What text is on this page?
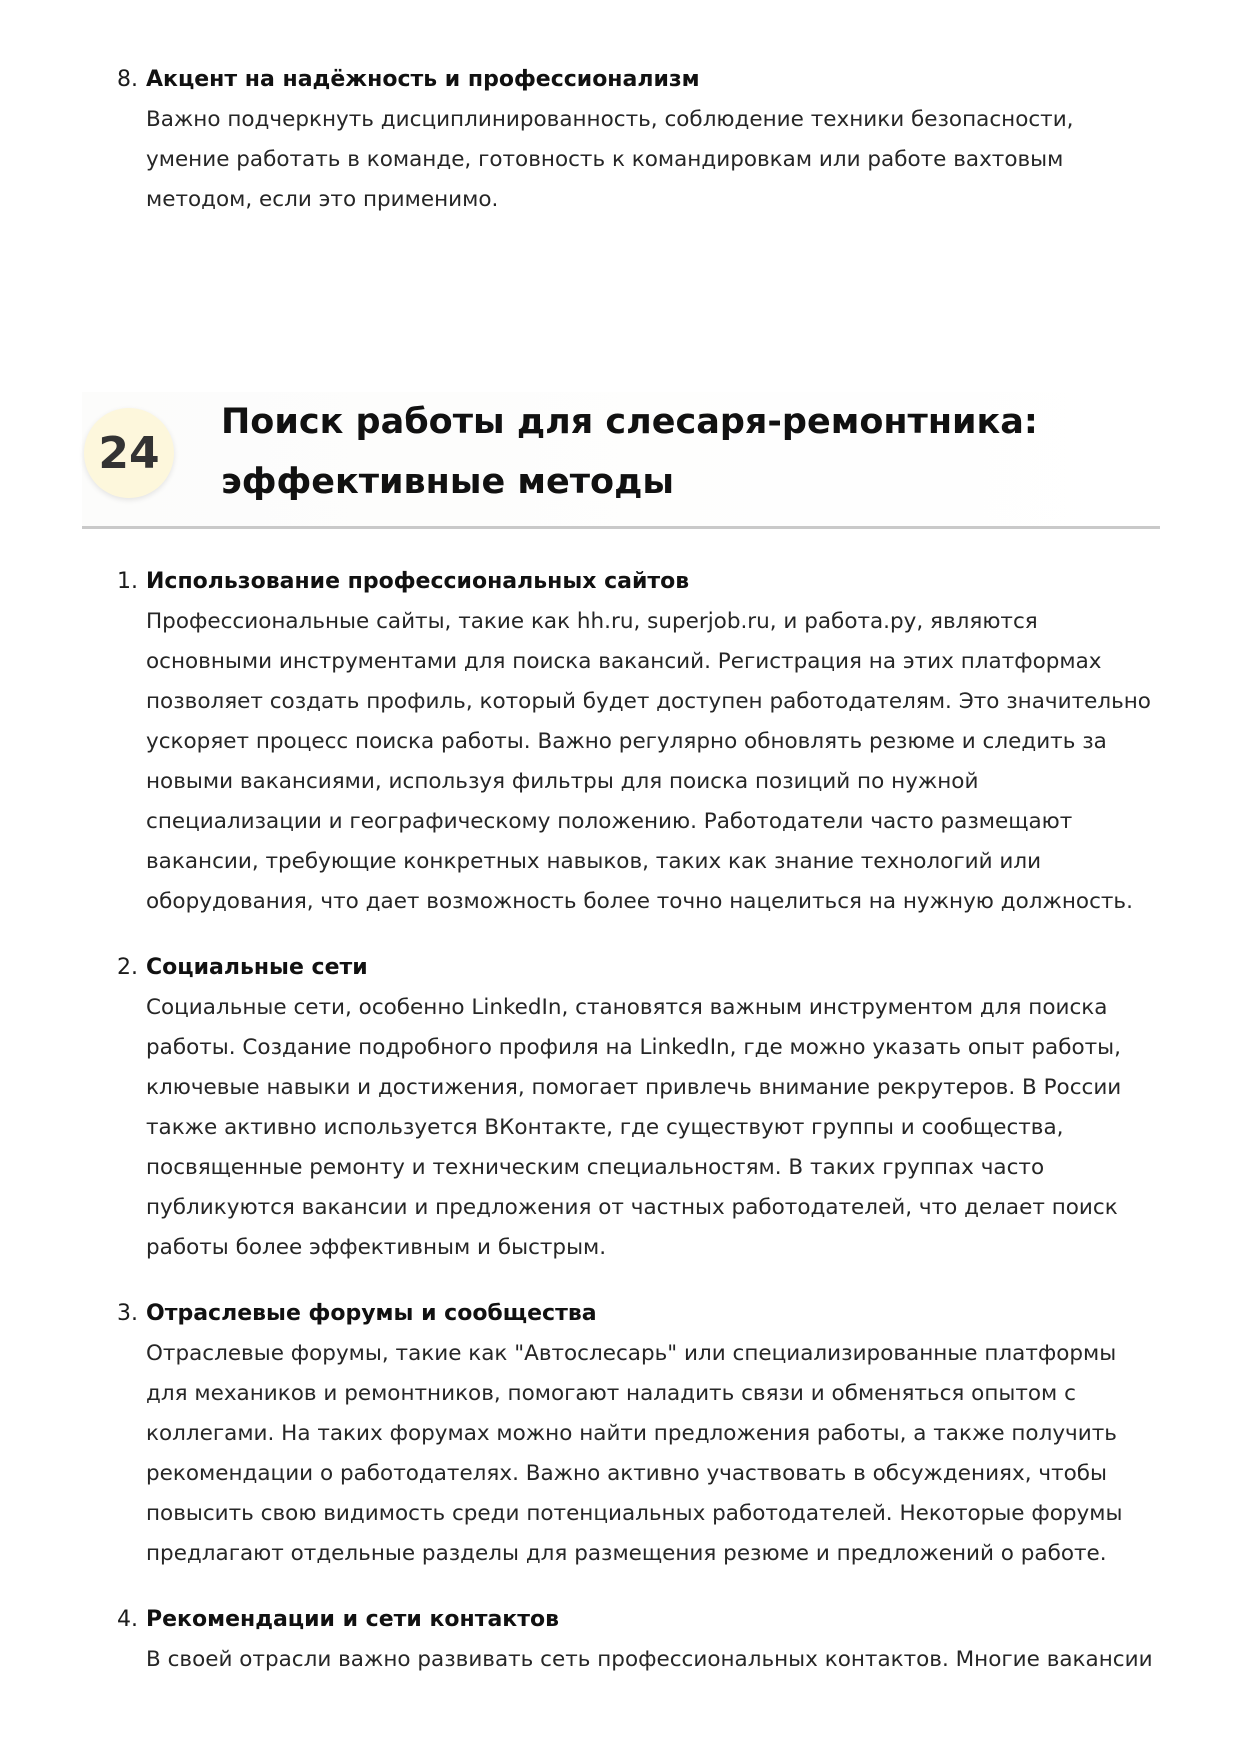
8. Акцент на надёжность и профессионализм

Важно подчеркнуть дисциплинированность, соблюдение техники безопасности, умение работать в команде, готовность к командировкам или работе вахтовым методом, если это применимо.

24
Поиск работы для слесаря-ремонтника: эффективные методы
1. Использование профессиональных сайтов

Профессиональные сайты, такие как hh.ru, superjob.ru, и работа.ру, являются основными инструментами для поиска вакансий. Регистрация на этих платформах позволяет создать профиль, который будет доступен работодателям. Это значительно ускоряет процесс поиска работы. Важно регулярно обновлять резюме и следить за новыми вакансиями, используя фильтры для поиска позиций по нужной специализации и географическому положению. Работодатели часто размещают вакансии, требующие конкретных навыков, таких как знание технологий или оборудования, что дает возможность более точно нацелиться на нужную должность.

2. Социальные сети

Социальные сети, особенно LinkedIn, становятся важным инструментом для поиска работы. Создание подробного профиля на LinkedIn, где можно указать опыт работы, ключевые навыки и достижения, помогает привлечь внимание рекрутеров. В России также активно используется ВКонтакте, где существуют группы и сообщества, посвященные ремонту и техническим специальностям. В таких группах часто публикуются вакансии и предложения от частных работодателей, что делает поиск работы более эффективным и быстрым.

3. Отраслевые форумы и сообщества

Отраслевые форумы, такие как "Автослесарь" или специализированные платформы для механиков и ремонтников, помогают наладить связи и обменяться опытом с коллегами. На таких форумах можно найти предложения работы, а также получить рекомендации о работодателях. Важно активно участвовать в обсуждениях, чтобы повысить свою видимость среди потенциальных работодателей. Некоторые форумы предлагают отдельные разделы для размещения резюме и предложений о работе.

4. Рекомендации и сети контактов

В своей отрасли важно развивать сеть профессиональных контактов. Многие вакансии
